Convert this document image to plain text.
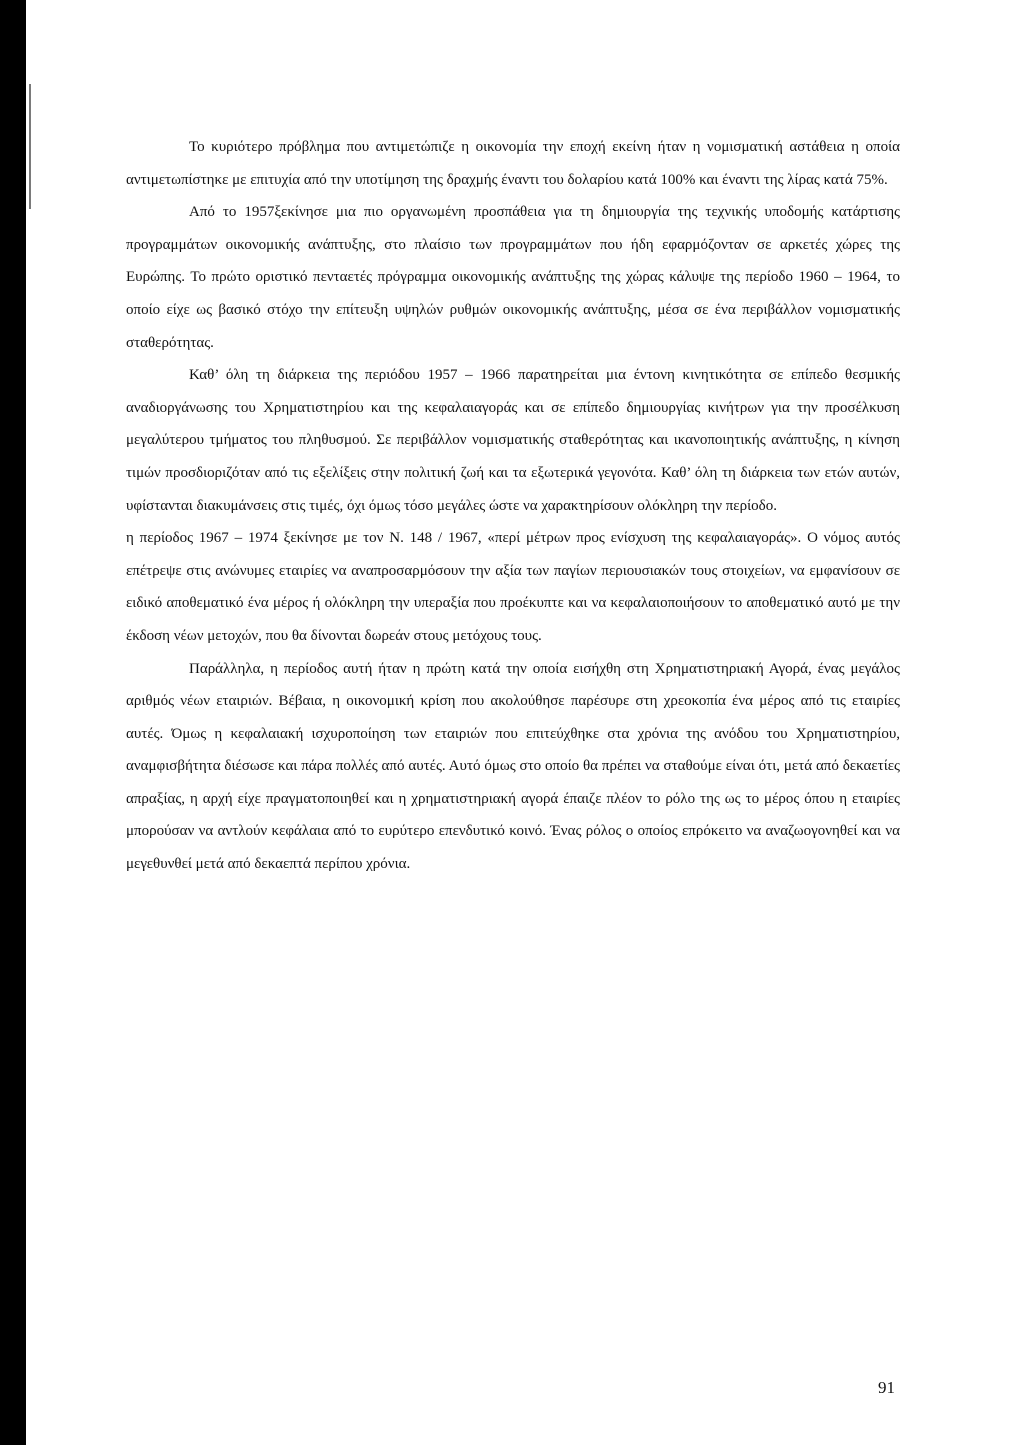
Το κυριότερο πρόβλημα που αντιμετώπιζε η οικονομία την εποχή εκείνη ήταν η νομισματική αστάθεια η οποία αντιμετωπίστηκε με επιτυχία από την υποτίμηση της δραχμής έναντι του δολαρίου κατά 100% και έναντι της λίρας κατά 75%.

Από το 1957ξεκίνησε μια πιο οργανωμένη προσπάθεια για τη δημιουργία της τεχνικής υποδομής κατάρτισης προγραμμάτων οικονομικής ανάπτυξης, στο πλαίσιο των προγραμμάτων που ήδη εφαρμόζονταν σε αρκετές χώρες της Ευρώπης. Το πρώτο οριστικό πενταετές πρόγραμμα οικονομικής ανάπτυξης της χώρας κάλυψε της περίοδο 1960 – 1964, το οποίο είχε ως βασικό στόχο την επίτευξη υψηλών ρυθμών οικονομικής ανάπτυξης, μέσα σε ένα περιβάλλον νομισματικής σταθερότητας.

Καθ’ όλη τη διάρκεια της περιόδου 1957 – 1966 παρατηρείται μια έντονη κινητικότητα σε επίπεδο θεσμικής αναδιοργάνωσης του Χρηματιστηρίου και της κεφαλαιαγοράς και σε επίπεδο δημιουργίας κινήτρων για την προσέλκυση μεγαλύτερου τμήματος του πληθυσμού. Σε περιβάλλον νομισματικής σταθερότητας και ικανοποιητικής ανάπτυξης, η κίνηση τιμών προσδιοριζόταν από τις εξελίξεις στην πολιτική ζωή και τα εξωτερικά γεγονότα. Καθ’ όλη τη διάρκεια των ετών αυτών, υφίστανται διακυμάνσεις στις τιμές, όχι όμως τόσο μεγάλες ώστε να χαρακτηρίσουν ολόκληρη την περίοδο.

η περίοδος 1967 – 1974 ξεκίνησε με τον Ν. 148 / 1967, «περί μέτρων προς ενίσχυση της κεφαλαιαγοράς». Ο νόμος αυτός επέτρεψε στις ανώνυμες εταιρίες να αναπροσαρμόσουν την αξία των παγίων περιουσιακών τους στοιχείων, να εμφανίσουν σε ειδικό αποθεματικό ένα μέρος ή ολόκληρη την υπεραξία που προέκυπτε και να κεφαλαιοποιήσουν το αποθεματικό αυτό με την έκδοση νέων μετοχών, που θα δίνονται δωρεάν στους μετόχους τους.

Παράλληλα, η περίοδος αυτή ήταν η πρώτη κατά την οποία εισήχθη στη Χρηματιστηριακή Αγορά, ένας μεγάλος αριθμός νέων εταιριών. Βέβαια, η οικονομική κρίση που ακολούθησε παρέσυρε στη χρεοκοπία ένα μέρος από τις εταιρίες αυτές. Όμως η κεφαλαιακή ισχυροποίηση των εταιριών που επιτεύχθηκε στα χρόνια της ανόδου του Χρηματιστηρίου, αναμφισβήτητα διέσωσε και πάρα πολλές από αυτές. Αυτό όμως στο οποίο θα πρέπει να σταθούμε είναι ότι, μετά από δεκαετίες απραξίας, η αρχή είχε πραγματοποιηθεί και η χρηματιστηριακή αγορά έπαιζε πλέον το ρόλο της ως το μέρος όπου η εταιρίες μπορούσαν να αντλούν κεφάλαια από το ευρύτερο επενδυτικό κοινό. Ένας ρόλος ο οποίος επρόκειτο να αναζωογονηθεί και να μεγεθυνθεί μετά από δεκαεπτά περίπου χρόνια.

91
